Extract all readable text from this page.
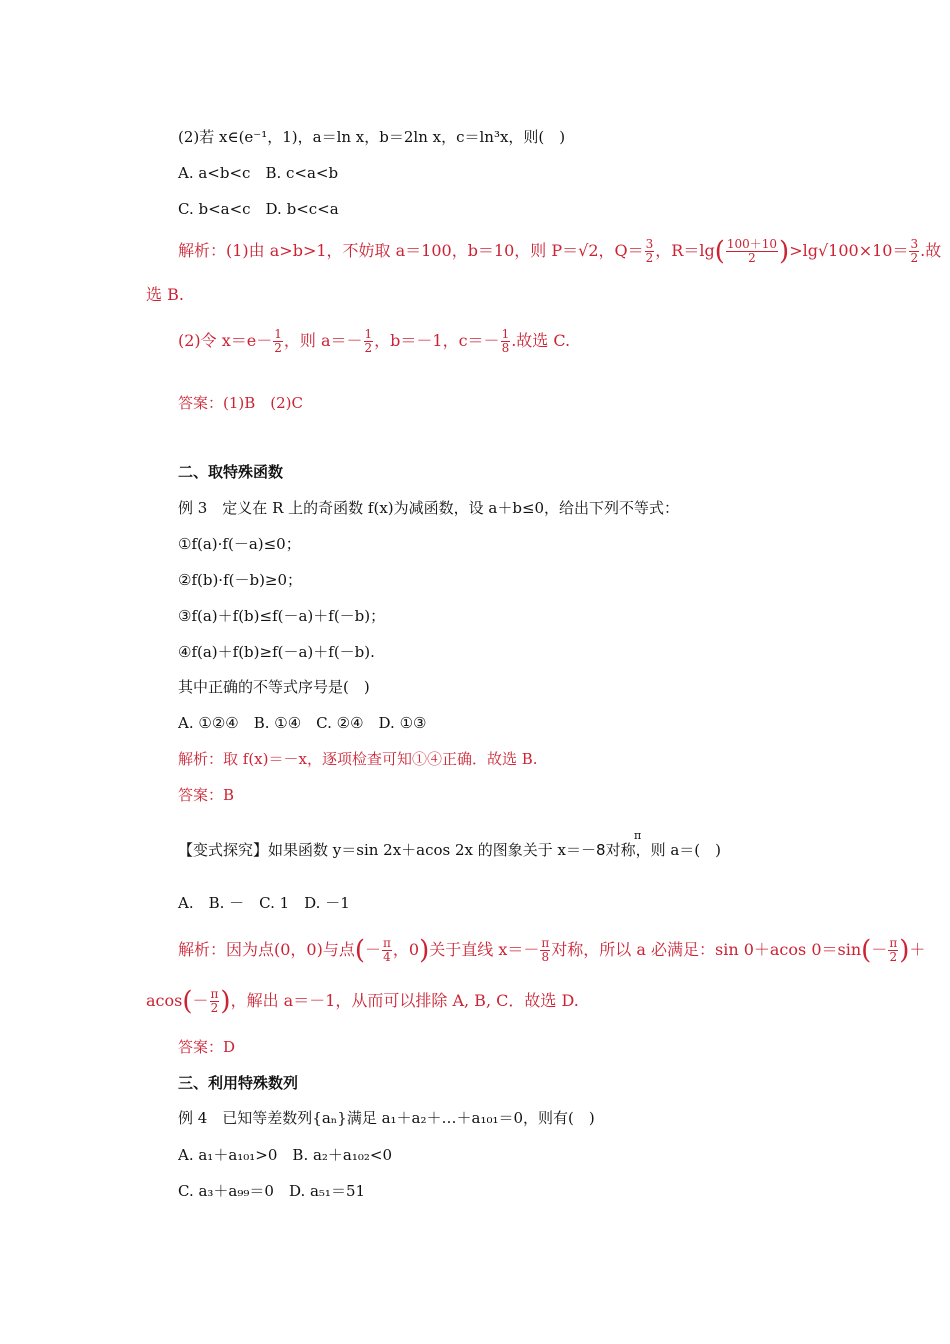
(2)若 x∈(e⁻¹，1)，a＝ln x，b＝2ln x，c＝ln³x，则(　)
A. a<b<c　B. c<a<b
C. b<a<c　D. b<c<a
解析：(1)由 a>b>1，不妨取 a＝100，b＝10，则 P＝√2，$Q= \frac{3}{2}$ ，$R=\lg( \frac{100+10}{2} )>\lg√100\times 10= \frac{3}{2}$ .故
选 B.
(2)令 $x=e- \frac{1}{2}$ ，则 $a=- \frac{1}{2}$ ，b＝－1，$c=- \frac{1}{8}$ .故选 C.
答案：(1)B　(2)C
二、取特殊函数
例 3　定义在 R 上的奇函数 f(x)为减函数，设 a＋b≤0，给出下列不等式：
①f(a)·f(－a)≤0；
②f(b)·f(－b)≥0；
③f(a)＋f(b)≤f(－a)＋f(－b)；
④f(a)＋f(b)≥f(－a)＋f(－b).
其中正确的不等式序号是(　)
A. ①②④　B. ①④　C. ②④　D. ①③
解析：取 f(x)＝－x，逐项检查可知①④正确．故选 B.
答案：B
π
【变式探究】如果函数 y＝sin 2x＋acos 2x 的图象关于 x＝－8对称，则 a＝(　)
A.　B. －　C. 1　D. －1
解析：因为点(0，0)与点(－ $\frac{\pi}{4}$ ，0)关于直线 $x=- \frac{\pi}{8}$ 对称，所以 a 必满足：sin 0＋acos $0=\sin(- \frac{\pi}{2}$ )＋
$acos(- \frac{\pi}{2}$ )，解出 a＝－1，从而可以排除 A, B, C．故选 D.
答案：D
三、利用特殊数列
例 4　已知等差数列{aₙ}满足 a₁＋a₂＋…＋a₁₀₁＝0，则有(　)
A. a₁＋a₁₀₁>0　B. a₂＋a₁₀₂<0
C. a₃＋a₉₉＝0　D. a₅₁＝51
